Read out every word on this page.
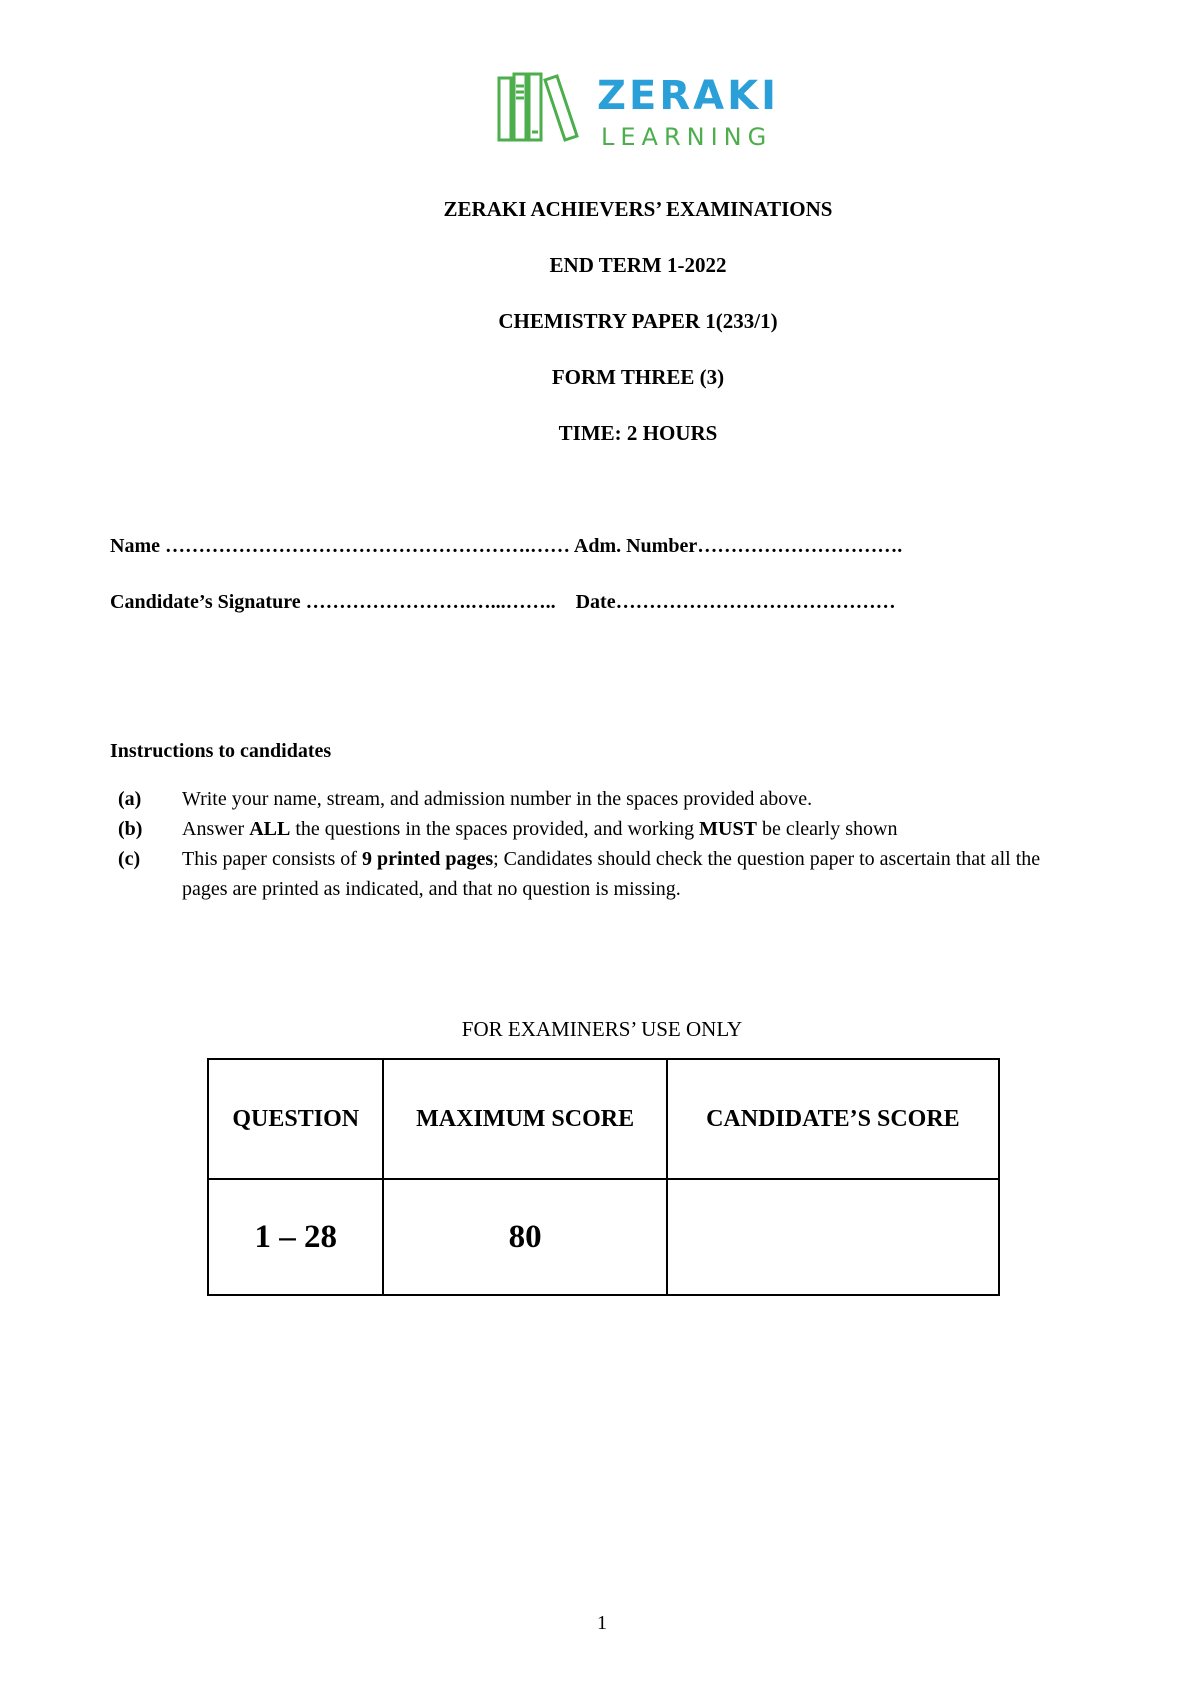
ZERAKI
LEARNING
ZERAKI ACHIEVERS’ EXAMINATIONS
END TERM 1-2022
CHEMISTRY PAPER 1(233/1)
FORM THREE (3)
TIME: 2 HOURS
Name ……………………………………………….…… Adm. Number………………………….
Candidate’s Signature …………………….…...…….. Date……………………………………
Instructions to candidates
(a)	Write your name, stream, and admission number in the spaces provided above.
(b)	Answer ALL the questions in the spaces provided, and working MUST be clearly shown
(c)	This paper consists of 9 printed pages; Candidates should check the question paper to ascertain that all the pages are printed as indicated, and that no question is missing.
FOR EXAMINERS’ USE ONLY
QUESTION	MAXIMUM SCORE	CANDIDATE’S SCORE
1 – 28	80	
1
